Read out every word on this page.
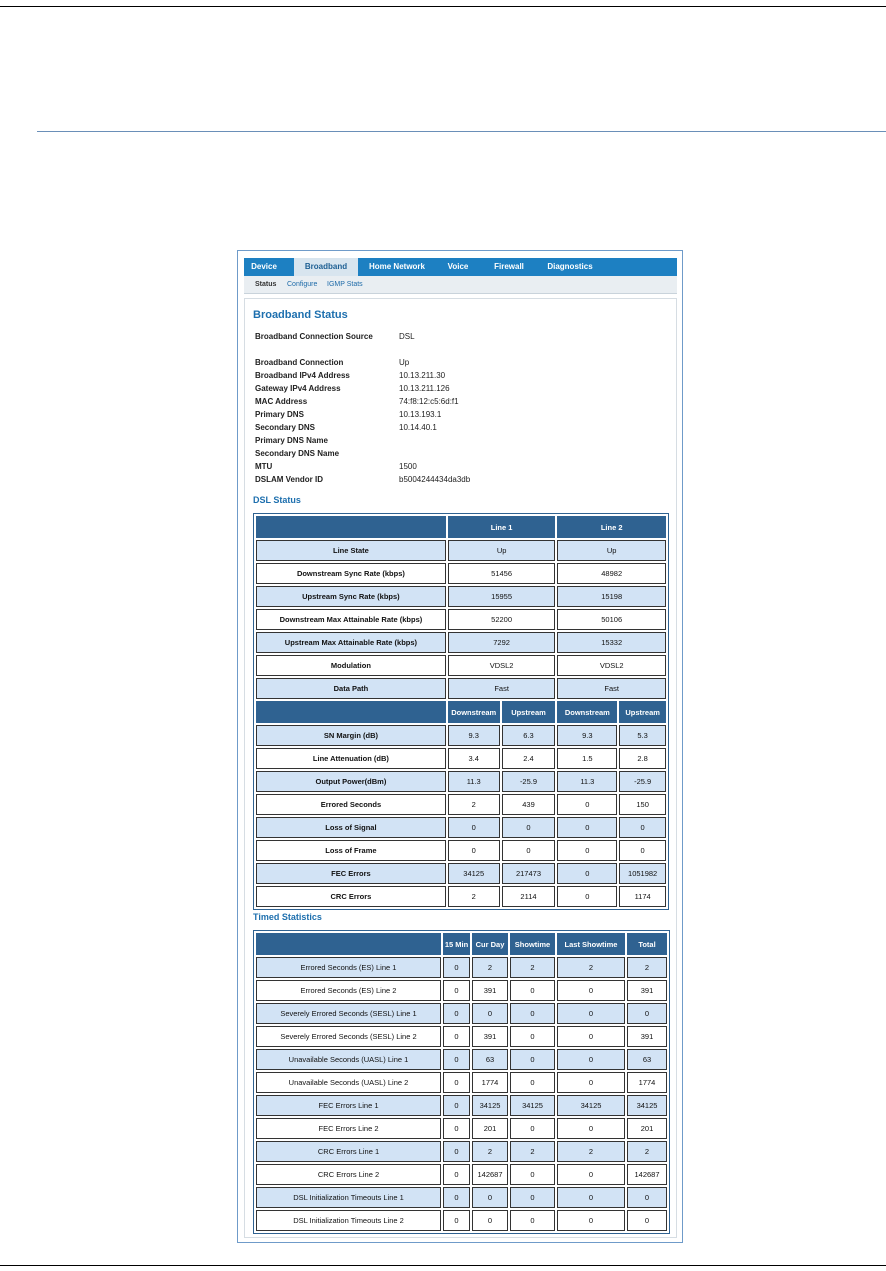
Device	Broadband	Home Network	Voice	Firewall	Diagnostics
Status Configure IGMP Stats
Broadband Status
Broadband Connection Source	DSL
Broadband Connection	Up
Broadband IPv4 Address	10.13.211.30
Gateway IPv4 Address	10.13.211.126
MAC Address	74:f8:12:c5:6d:f1
Primary DNS	10.13.193.1
Secondary DNS	10.14.40.1
Primary DNS Name
Secondary DNS Name
MTU	1500
DSLAM Vendor ID	b5004244434da3db
DSL Status
	Line 1		Line 2	
Line State	Up		Up	
Downstream Sync Rate (kbps)	51456		48982	
Upstream Sync Rate (kbps)	15955		15198	
Downstream Max Attainable Rate (kbps)	52200		50106	
Upstream Max Attainable Rate (kbps)	7292		15332	
Modulation	VDSL2		VDSL2	
Data Path	Fast		Fast	
	Downstream	Upstream	Downstream	Upstream
SN Margin (dB)	9.3	6.3	9.3	5.3
Line Attenuation (dB)	3.4	2.4	1.5	2.8
Output Power(dBm)	11.3	-25.9	11.3	-25.9
Errored Seconds	2	439	0	150
Loss of Signal	0	0	0	0
Loss of Frame	0	0	0	0
FEC Errors	34125	217473	0	1051982
CRC Errors	2	2114	0	1174
Timed Statistics
	15 Min	Cur Day	Showtime	Last Showtime	Total
Errored Seconds (ES) Line 1	0	2	2	2	2
Errored Seconds (ES) Line 2	0	391	0	0	391
Severely Errored Seconds (SESL) Line 1	0	0	0	0	0
Severely Errored Seconds (SESL) Line 2	0	391	0	0	391
Unavailable Seconds (UASL) Line 1	0	63	0	0	63
Unavailable Seconds (UASL) Line 2	0	1774	0	0	1774
FEC Errors Line 1	0	34125	34125	34125	34125
FEC Errors Line 2	0	201	0	0	201
CRC Errors Line 1	0	2	2	2	2
CRC Errors Line 2	0	142687	0	0	142687
DSL Initialization Timeouts Line 1	0	0	0	0	0
DSL Initialization Timeouts Line 2	0	0	0	0	0
